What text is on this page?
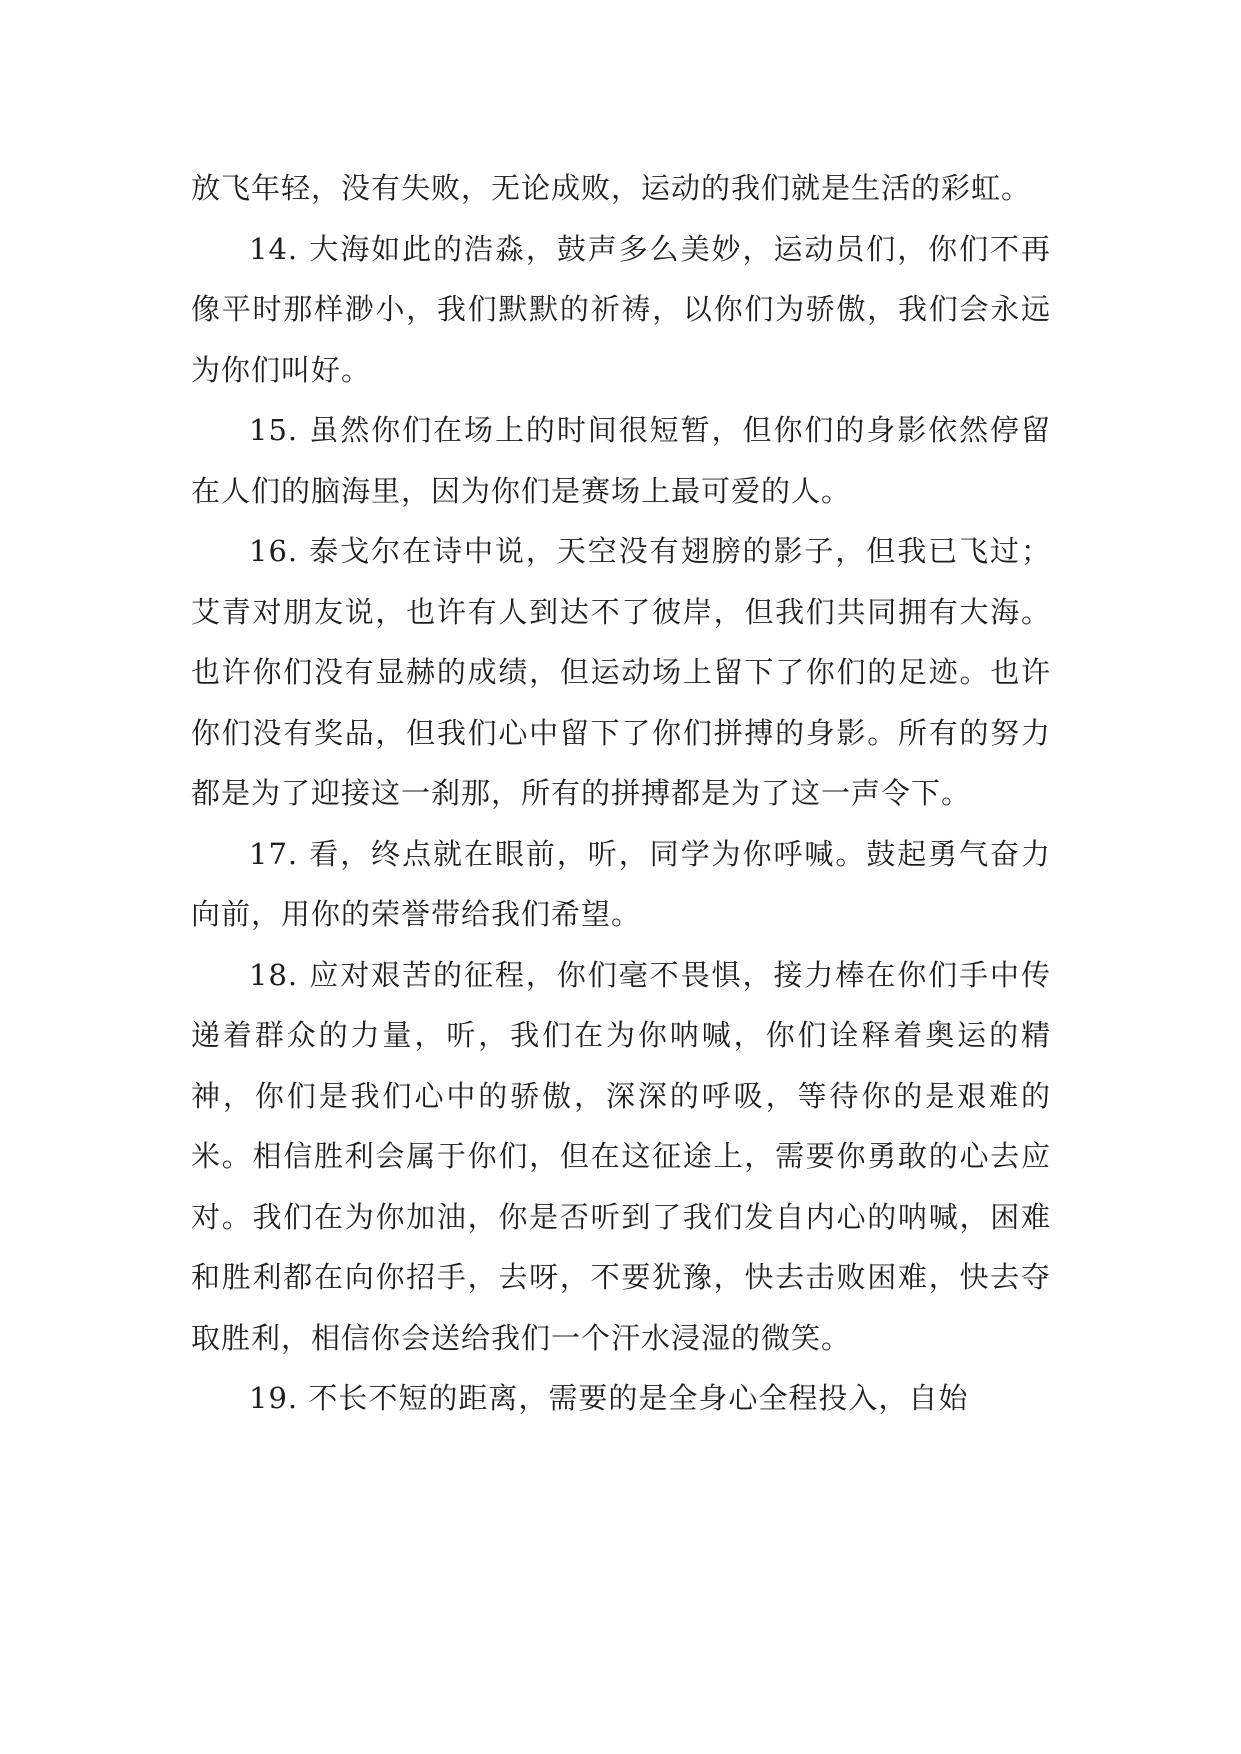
放飞年轻，没有失败，无论成败，运动的我们就是生活的彩虹。

14. 大海如此的浩淼，鼓声多么美妙，运动员们，你们不再像平时那样渺小，我们默默的祈祷，以你们为骄傲，我们会永远为你们叫好。

15. 虽然你们在场上的时间很短暂，但你们的身影依然停留在人们的脑海里，因为你们是赛场上最可爱的人。

16. 泰戈尔在诗中说，天空没有翅膀的影子，但我已飞过；艾青对朋友说，也许有人到达不了彼岸，但我们共同拥有大海。也许你们没有显赫的成绩，但运动场上留下了你们的足迹。也许你们没有奖品，但我们心中留下了你们拼搏的身影。所有的努力都是为了迎接这一刹那，所有的拼搏都是为了这一声令下。

17. 看，终点就在眼前，听，同学为你呼喊。鼓起勇气奋力向前，用你的荣誉带给我们希望。

18. 应对艰苦的征程，你们毫不畏惧，接力棒在你们手中传递着群众的力量，听，我们在为你呐喊，你们诠释着奥运的精神，你们是我们心中的骄傲，深深的呼吸，等待你的是艰难的米。相信胜利会属于你们，但在这征途上，需要你勇敢的心去应对。我们在为你加油，你是否听到了我们发自内心的呐喊，困难和胜利都在向你招手，去呀，不要犹豫，快去击败困难，快去夺取胜利，相信你会送给我们一个汗水浸湿的微笑。

19. 不长不短的距离，需要的是全身心全程投入，自始
